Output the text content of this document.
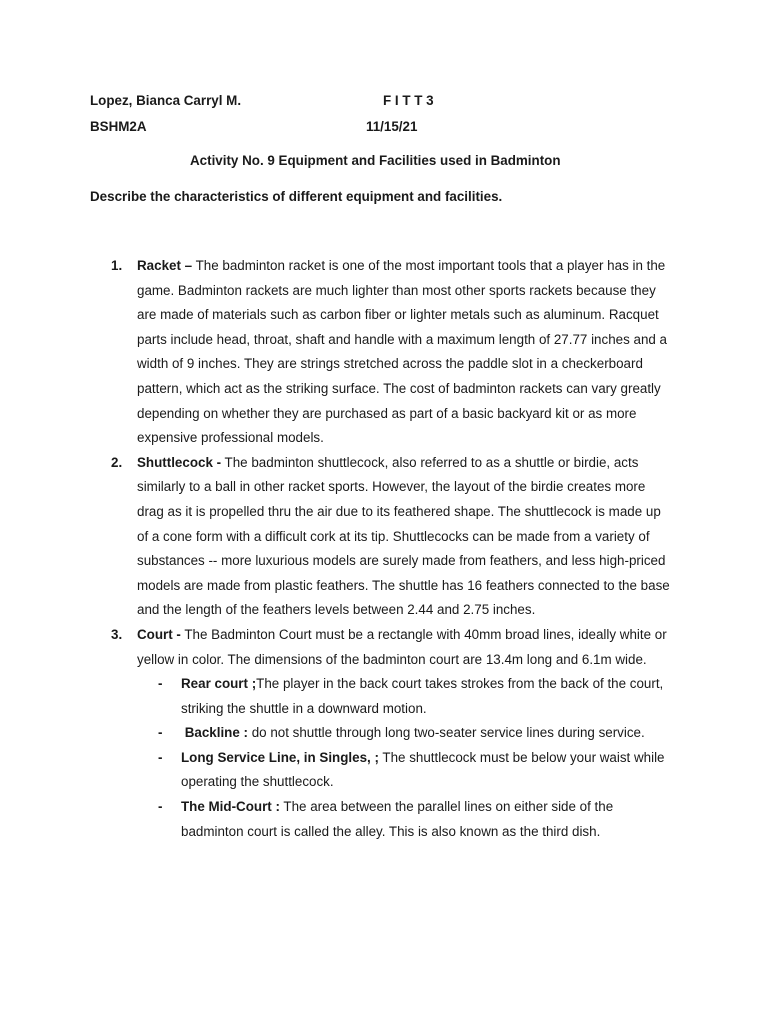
Lopez, Bianca Carryl M.	F I T T 3
BSHM2A	11/15/21
Activity No. 9 Equipment and Facilities used in Badminton
Describe the characteristics of different equipment and facilities.
1. Racket – The badminton racket is one of the most important tools that a player has in the game. Badminton rackets are much lighter than most other sports rackets because they are made of materials such as carbon fiber or lighter metals such as aluminum. Racquet parts include head, throat, shaft and handle with a maximum length of 27.77 inches and a width of 9 inches. They are strings stretched across the paddle slot in a checkerboard pattern, which act as the striking surface. The cost of badminton rackets can vary greatly depending on whether they are purchased as part of a basic backyard kit or as more expensive professional models.
2. Shuttlecock - The badminton shuttlecock, also referred to as a shuttle or birdie, acts similarly to a ball in other racket sports. However, the layout of the birdie creates more drag as it is propelled thru the air due to its feathered shape. The shuttlecock is made up of a cone form with a difficult cork at its tip. Shuttlecocks can be made from a variety of substances -- more luxurious models are surely made from feathers, and less high-priced models are made from plastic feathers. The shuttle has 16 feathers connected to the base and the length of the feathers levels between 2.44 and 2.75 inches.
3. Court - The Badminton Court must be a rectangle with 40mm broad lines, ideally white or yellow in color. The dimensions of the badminton court are 13.4m long and 6.1m wide.
- Rear court ;The player in the back court takes strokes from the back of the court, striking the shuttle in a downward motion.
- Backline : do not shuttle through long two-seater service lines during service.
- Long Service Line, in Singles, ; The shuttlecock must be below your waist while operating the shuttlecock.
- The Mid-Court : The area between the parallel lines on either side of the badminton court is called the alley. This is also known as the third dish.
